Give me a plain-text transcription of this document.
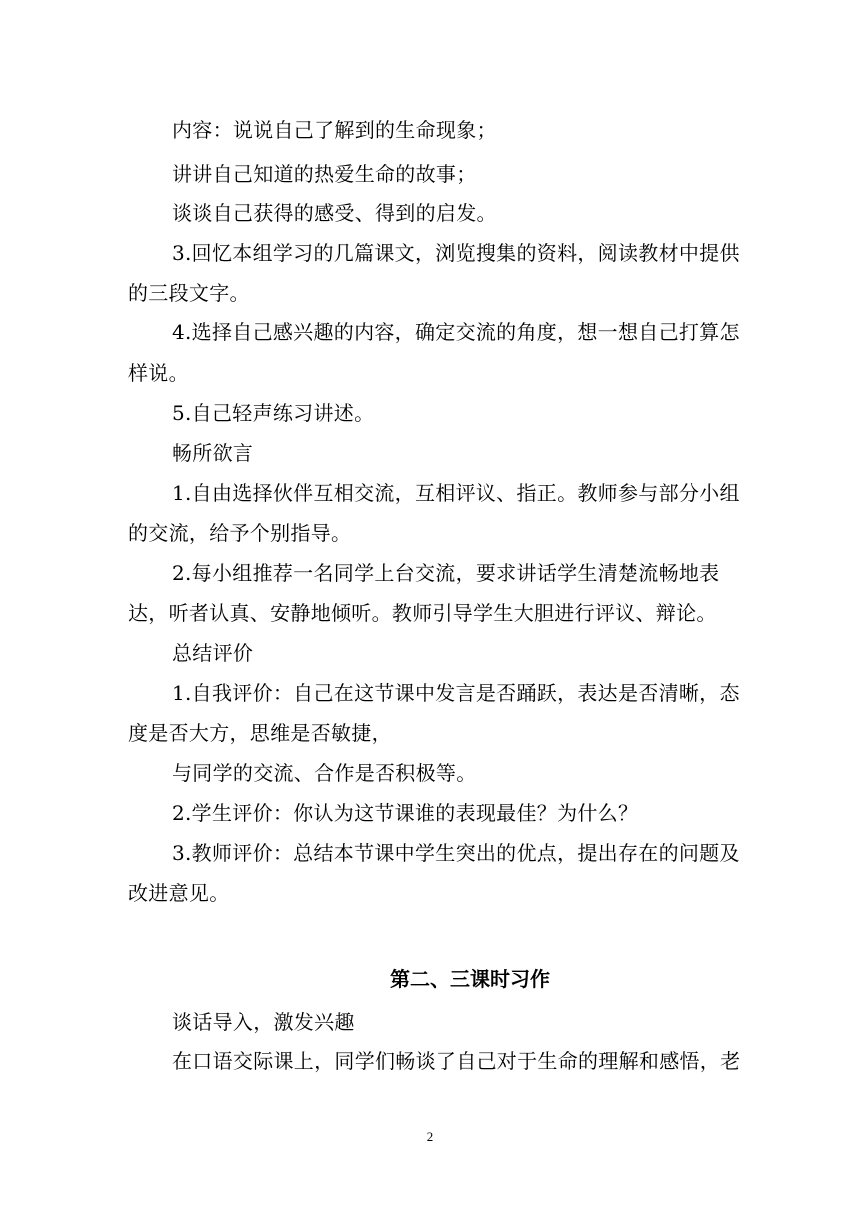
内容：说说自己了解到的生命现象；
讲讲自己知道的热爱生命的故事；
谈谈自己获得的感受、得到的启发。
3.回忆本组学习的几篇课文，浏览搜集的资料，阅读教材中提供
的三段文字。
4.选择自己感兴趣的内容，确定交流的角度，想一想自己打算怎
样说。
5.自己轻声练习讲述。
畅所欲言
1.自由选择伙伴互相交流，互相评议、指正。教师参与部分小组
的交流，给予个别指导。
2.每小组推荐一名同学上台交流，要求讲话学生清楚流畅地表
达，听者认真、安静地倾听。教师引导学生大胆进行评议、辩论。
总结评价
1.自我评价：自己在这节课中发言是否踊跃，表达是否清晰，态
度是否大方，思维是否敏捷，
与同学的交流、合作是否积极等。
2.学生评价：你认为这节课谁的表现最佳？为什么？
3.教师评价：总结本节课中学生突出的优点，提出存在的问题及
改进意见。
第二、三课时习作
谈话导入，激发兴趣
在口语交际课上，同学们畅谈了自己对于生命的理解和感悟，老
2
